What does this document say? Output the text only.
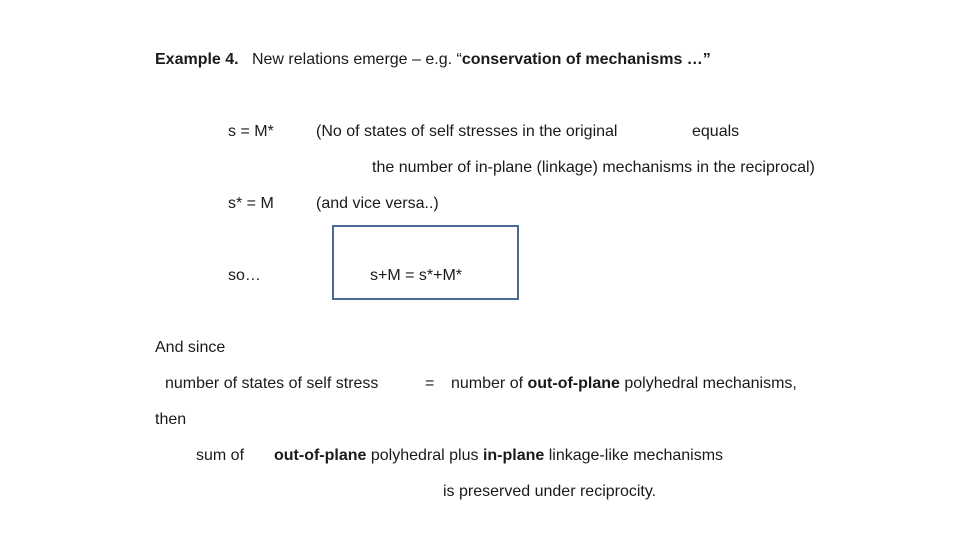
Example 4. New relations emerge – e.g. “conservation of mechanisms …”
s = M*	(No of states of self stresses in the original	equals
the number of in-plane (linkage) mechanisms in the reciprocal)
s* = M	(and vice versa..)
so…	s+M = s*+M*
And since
number of states of self stress	= number of out-of-plane polyhedral mechanisms,
then
sum of out-of-plane polyhedral plus in-plane linkage-like mechanisms
is preserved under reciprocity.
